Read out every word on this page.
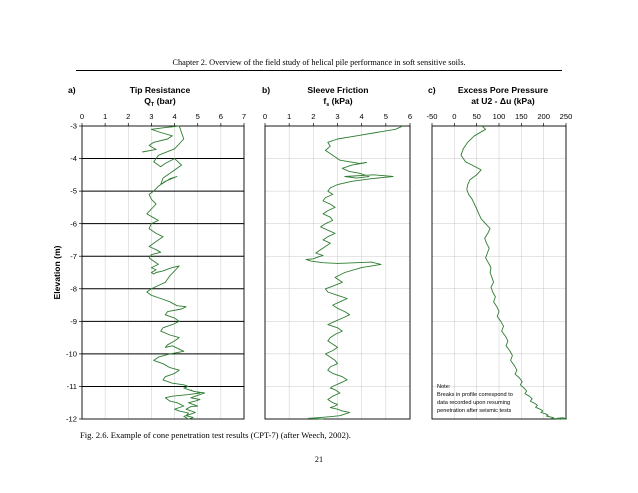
Chapter 2. Overview of the field study of helical pile performance in soft sensitive soils.
a)	Tip Resistance
$Q_T$ (bar)
0 1 2 3 4 5 6 7
-3
-4
-5
-6
-7
-8
-9
-10
-11
-12
Elevation (m)
b)	Sleeve Friction
$f_s$ (kPa)
0	1	2	3	4	5	6
c)	Excess Pore Pressure
at U2 - Δu (kPa)
-50 0 50 100 150 200 250
Note:
Breaks in profile correspond to
data recorded upon resuming
penetration after seismic tests
Fig. 2.6. Example of cone penetration test results (CPT-7) (after Weech, 2002).
21
